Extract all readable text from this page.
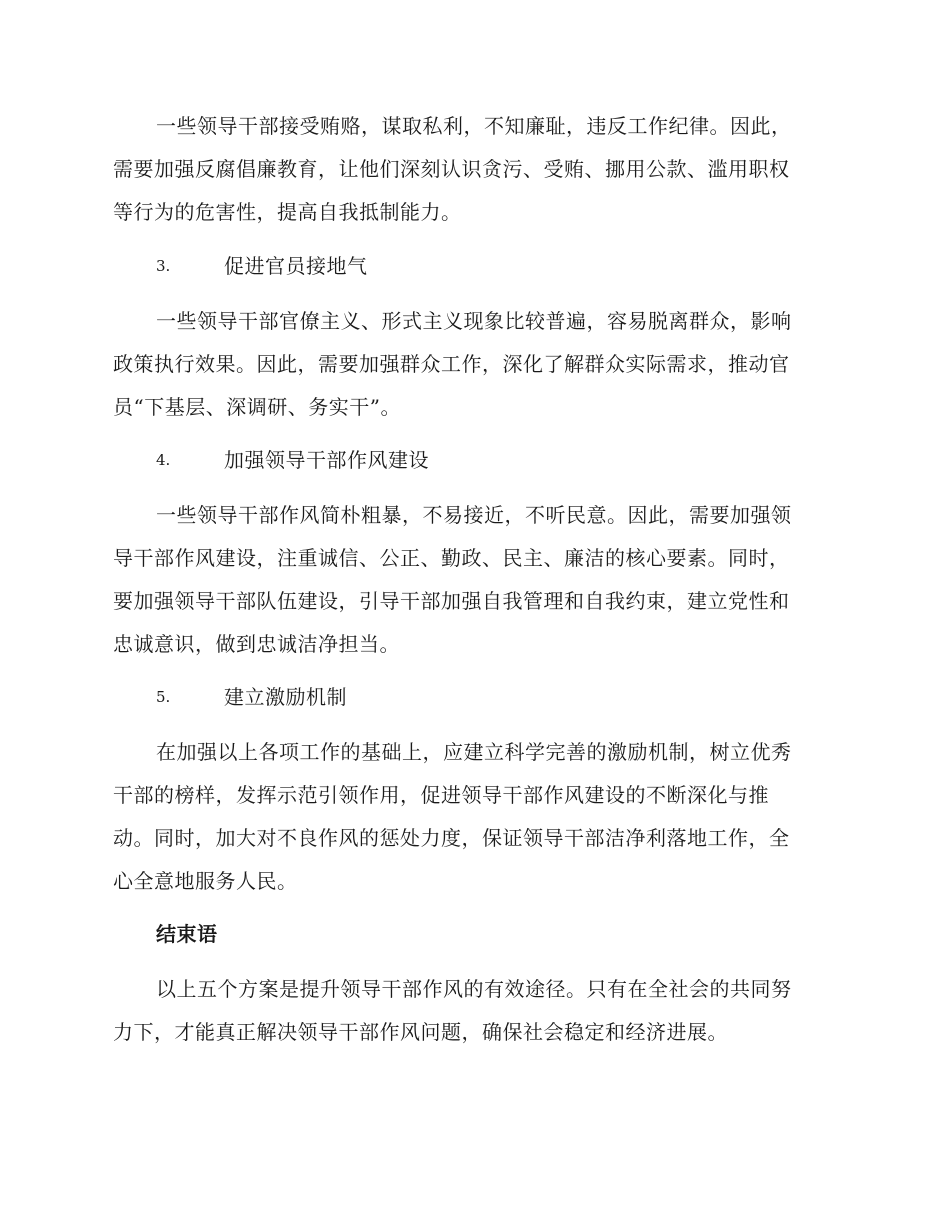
一些领导干部接受贿赂，谋取私利，不知廉耻，违反工作纪律。因此，
需要加强反腐倡廉教育，让他们深刻认识贪污、受贿、挪用公款、滥用职权
等行为的危害性，提高自我抵制能力。

3.	促进官员接地气

一些领导干部官僚主义、形式主义现象比较普遍，容易脱离群众，影响
政策执行效果。因此，需要加强群众工作，深化了解群众实际需求，推动官
员“下基层、深调研、务实干”。

4.	加强领导干部作风建设

一些领导干部作风简朴粗暴，不易接近，不听民意。因此，需要加强领
导干部作风建设，注重诚信、公正、勤政、民主、廉洁的核心要素。同时，
要加强领导干部队伍建设，引导干部加强自我管理和自我约束，建立党性和
忠诚意识，做到忠诚洁净担当。

5.	建立激励机制

在加强以上各项工作的基础上，应建立科学完善的激励机制，树立优秀
干部的榜样，发挥示范引领作用，促进领导干部作风建设的不断深化与推
动。同时，加大对不良作风的惩处力度，保证领导干部洁净利落地工作，全
心全意地服务人民。

结束语

以上五个方案是提升领导干部作风的有效途径。只有在全社会的共同努
力下，才能真正解决领导干部作风问题，确保社会稳定和经济进展。
